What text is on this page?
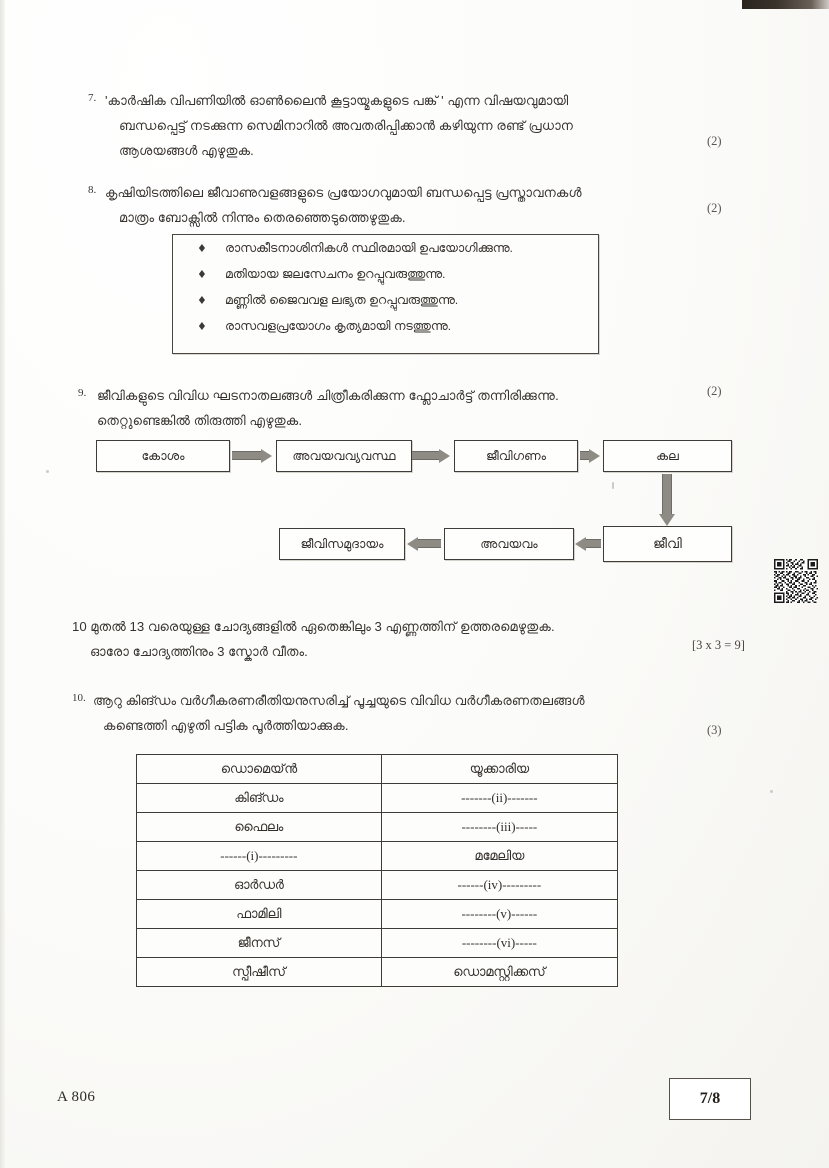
7. 'കാർഷിക വിപണിയിൽ ഓൺലൈൻ കൂട്ടായ്മകളുടെ പങ്ക് ' എന്ന വിഷയവുമായി
ബന്ധപ്പെട്ട് നടക്കുന്ന സെമിനാറിൽ അവതരിപ്പിക്കാൻ കഴിയുന്ന രണ്ട് പ്രധാന
ആശയങ്ങൾ എഴുതുക.
(2)
8. കൃഷിയിടത്തിലെ ജീവാണുവളങ്ങളുടെ പ്രയോഗവുമായി ബന്ധപ്പെട്ട പ്രസ്താവനകൾ
മാത്രം ബോക്സിൽ നിന്നും തെരഞ്ഞെടുത്തെഴുതുക.
(2)
♦	രാസകീടനാശിനികൾ സ്ഥിരമായി ഉപയോഗിക്കുന്നു.
♦	മതിയായ ജലസേചനം ഉറപ്പുവരുത്തുന്നു.
♦	മണ്ണിൽ ജൈവവള ലഭ്യത ഉറപ്പുവരുത്തുന്നു.
♦	രാസവളപ്രയോഗം കൃത്യമായി നടത്തുന്നു.
9. ജീവികളുടെ വിവിധ ഘടനാതലങ്ങൾ ചിത്രീകരിക്കുന്ന ഫ്ലോചാർട്ട് തന്നിരിക്കുന്നു.
തെറ്റുണ്ടെങ്കിൽ തിരുത്തി എഴുതുക.
(2)
കോശം	അവയവവ്യവസ്ഥ	ജീവിഗണം	കല
ജീവിസമുദായം	അവയവം	ജീവി
10 മുതൽ 13 വരെയുള്ള ചോദ്യങ്ങളിൽ ഏതെങ്കിലും 3 എണ്ണത്തിന് ഉത്തരമെഴുതുക.
ഓരോ ചോദ്യത്തിനും 3 സ്കോർ വീതം.	[3 x 3 = 9]
10. ആറു കിങ്ഡം വർഗീകരണരീതിയനുസരിച്ച് പൂച്ചയുടെ വിവിധ വർഗീകരണതലങ്ങൾ
കണ്ടെത്തി എഴുതി പട്ടിക പൂർത്തിയാക്കുക.	(3)
ഡൊമെയ്ൻ	യൂക്കാരിയ
കിങ്ഡം	-------(ii)-------
ഫൈലം	--------(iii)-----
------(i)---------	മമേലിയ
ഓർഡർ	------(iv)---------
ഫാമിലി	--------(v)------
ജീനസ്	--------(vi)-----
സ്പീഷീസ്	ഡൊമസ്റ്റിക്കസ്
A 806	7/8
